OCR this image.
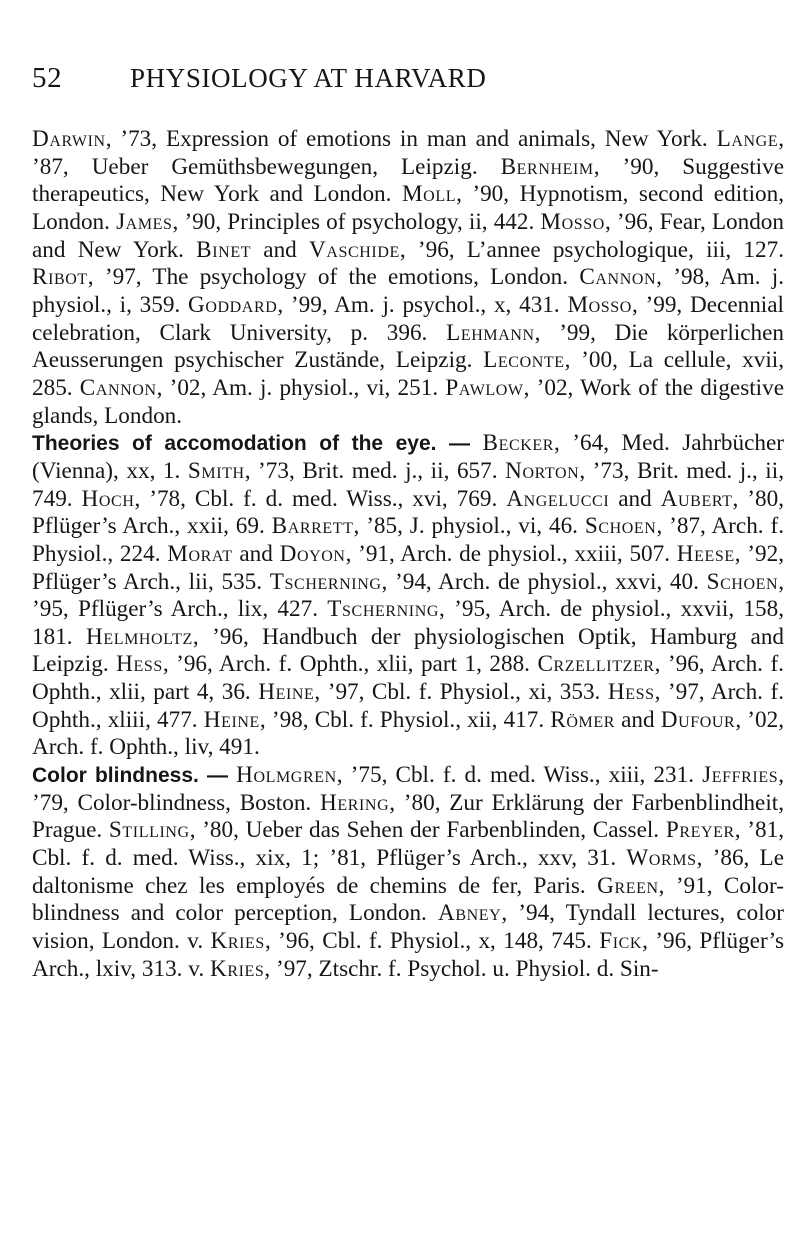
52	PHYSIOLOGY AT HARVARD

Darwin, ’73, Expression of emotions in man and animals, New York. Lange, ’87, Ueber Gemüthsbewegungen, Leipzig. Bernheim, ’90, Suggestive therapeutics, New York and London. Moll, ’90, Hypnotism, second edition, London. James, ’90, Principles of psychology, ii, 442. Mosso, ’96, Fear, London and New York. Binet and Vaschide, ’96, L’annee psychologique, iii, 127. Ribot, ’97, The psychology of the emotions, London. Cannon, ’98, Am. j. physiol., i, 359. Goddard, ’99, Am. j. psychol., x, 431. Mosso, ’99, Decennial celebration, Clark University, p. 396. Lehmann, ’99, Die körperlichen Aeusserungen psychischer Zustände, Leipzig. Leconte, ’00, La cellule, xvii, 285. Cannon, ’02, Am. j. physiol., vi, 251. Pawlow, ’02, Work of the digestive glands, London.

Theories of accomodation of the eye. — Becker, ’64, Med. Jahrbücher (Vienna), xx, 1. Smith, ’73, Brit. med. j., ii, 657. Norton, ’73, Brit. med. j., ii, 749. Hoch, ’78, Cbl. f. d. med. Wiss., xvi, 769. Angelucci and Aubert, ’80, Pflüger’s Arch., xxii, 69. Barrett, ’85, J. physiol., vi, 46. Schoen, ’87, Arch. f. Physiol., 224. Morat and Doyon, ’91, Arch. de physiol., xxiii, 507. Heese, ’92, Pflüger’s Arch., lii, 535. Tscherning, ’94, Arch. de physiol., xxvi, 40. Schoen, ’95, Pflüger’s Arch., lix, 427. Tscherning, ’95, Arch. de physiol., xxvii, 158, 181. Helmholtz, ’96, Handbuch der physiologischen Optik, Hamburg and Leipzig. Hess, ’96, Arch. f. Ophth., xlii, part 1, 288. Crzellitzer, ’96, Arch. f. Ophth., xlii, part 4, 36. Heine, ’97, Cbl. f. Physiol., xi, 353. Hess, ’97, Arch. f. Ophth., xliii, 477. Heine, ’98, Cbl. f. Physiol., xii, 417. Römer and Dufour, ’02, Arch. f. Ophth., liv, 491.

Color blindness. — Holmgren, ’75, Cbl. f. d. med. Wiss., xiii, 231. Jeffries, ’79, Color-blindness, Boston. Hering, ’80, Zur Erklärung der Farbenblindheit, Prague. Stilling, ’80, Ueber das Sehen der Farbenblinden, Cassel. Preyer, ’81, Cbl. f. d. med. Wiss., xix, 1; ’81, Pflüger’s Arch., xxv, 31. Worms, ’86, Le daltonisme chez les employés de chemins de fer, Paris. Green, ’91, Color-blindness and color perception, London. Abney, ’94, Tyndall lectures, color vision, London. v. Kries, ’96, Cbl. f. Physiol., x, 148, 745. Fick, ’96, Pflüger’s Arch., lxiv, 313. v. Kries, ’97, Ztschr. f. Psychol. u. Physiol. d. Sin-
